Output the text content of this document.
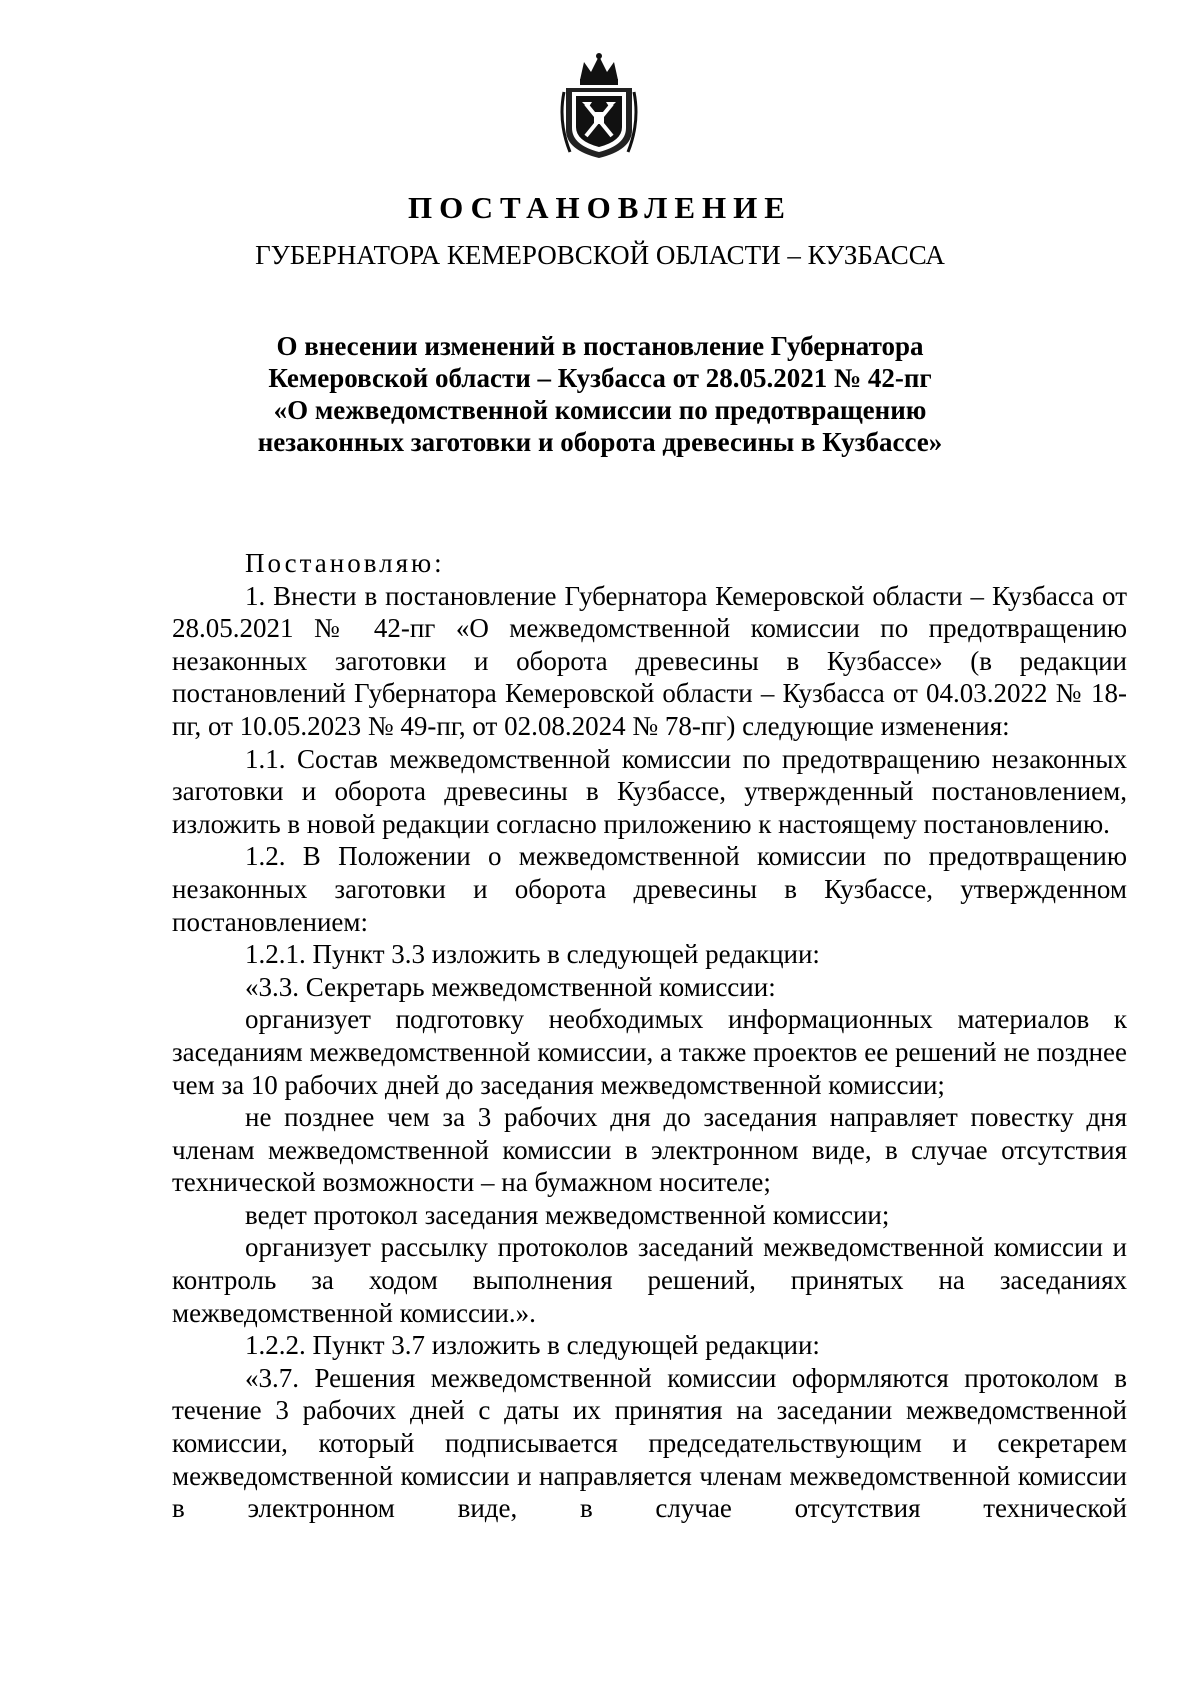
ПОСТАНОВЛЕНИЕ
ГУБЕРНАТОРА КЕМЕРОВСКОЙ ОБЛАСТИ – КУЗБАССА
О внесении изменений в постановление Губернатора
Кемеровской области – Кузбасса от 28.05.2021 № 42-пг
«О межведомственной комиссии по предотвращению
незаконных заготовки и оборота древесины в Кузбассе»

Постановляю:

1. Внести в постановление Губернатора Кемеровской области – Кузбасса от 28.05.2021 № 42-пг «О межведомственной комиссии по предотвращению незаконных заготовки и оборота древесины в Кузбассе» (в редакции постановлений Губернатора Кемеровской области – Кузбасса от 04.03.2022 № 18-пг, от 10.05.2023 № 49-пг, от 02.08.2024 № 78-пг) следующие изменения:

1.1. Состав межведомственной комиссии по предотвращению незаконных заготовки и оборота древесины в Кузбассе, утвержденный постановлением, изложить в новой редакции согласно приложению к настоящему постановлению.

1.2. В Положении о межведомственной комиссии по предотвращению незаконных заготовки и оборота древесины в Кузбассе, утвержденном постановлением:

1.2.1. Пункт 3.3 изложить в следующей редакции:

«3.3. Секретарь межведомственной комиссии:

организует подготовку необходимых информационных материалов к заседаниям межведомственной комиссии, а также проектов ее решений не позднее чем за 10 рабочих дней до заседания межведомственной комиссии;

не позднее чем за 3 рабочих дня до заседания направляет повестку дня членам межведомственной комиссии в электронном виде, в случае отсутствия технической возможности – на бумажном носителе;

ведет протокол заседания межведомственной комиссии;

организует рассылку протоколов заседаний межведомственной комиссии и контроль за ходом выполнения решений, принятых на заседаниях межведомственной комиссии.».

1.2.2. Пункт 3.7 изложить в следующей редакции:

«3.7. Решения межведомственной комиссии оформляются протоколом в течение 3 рабочих дней с даты их принятия на заседании межведомственной комиссии, который подписывается председательствующим и секретарем межведомственной комиссии и направляется членам межведомственной комиссии в электронном виде, в случае отсутствия технической
